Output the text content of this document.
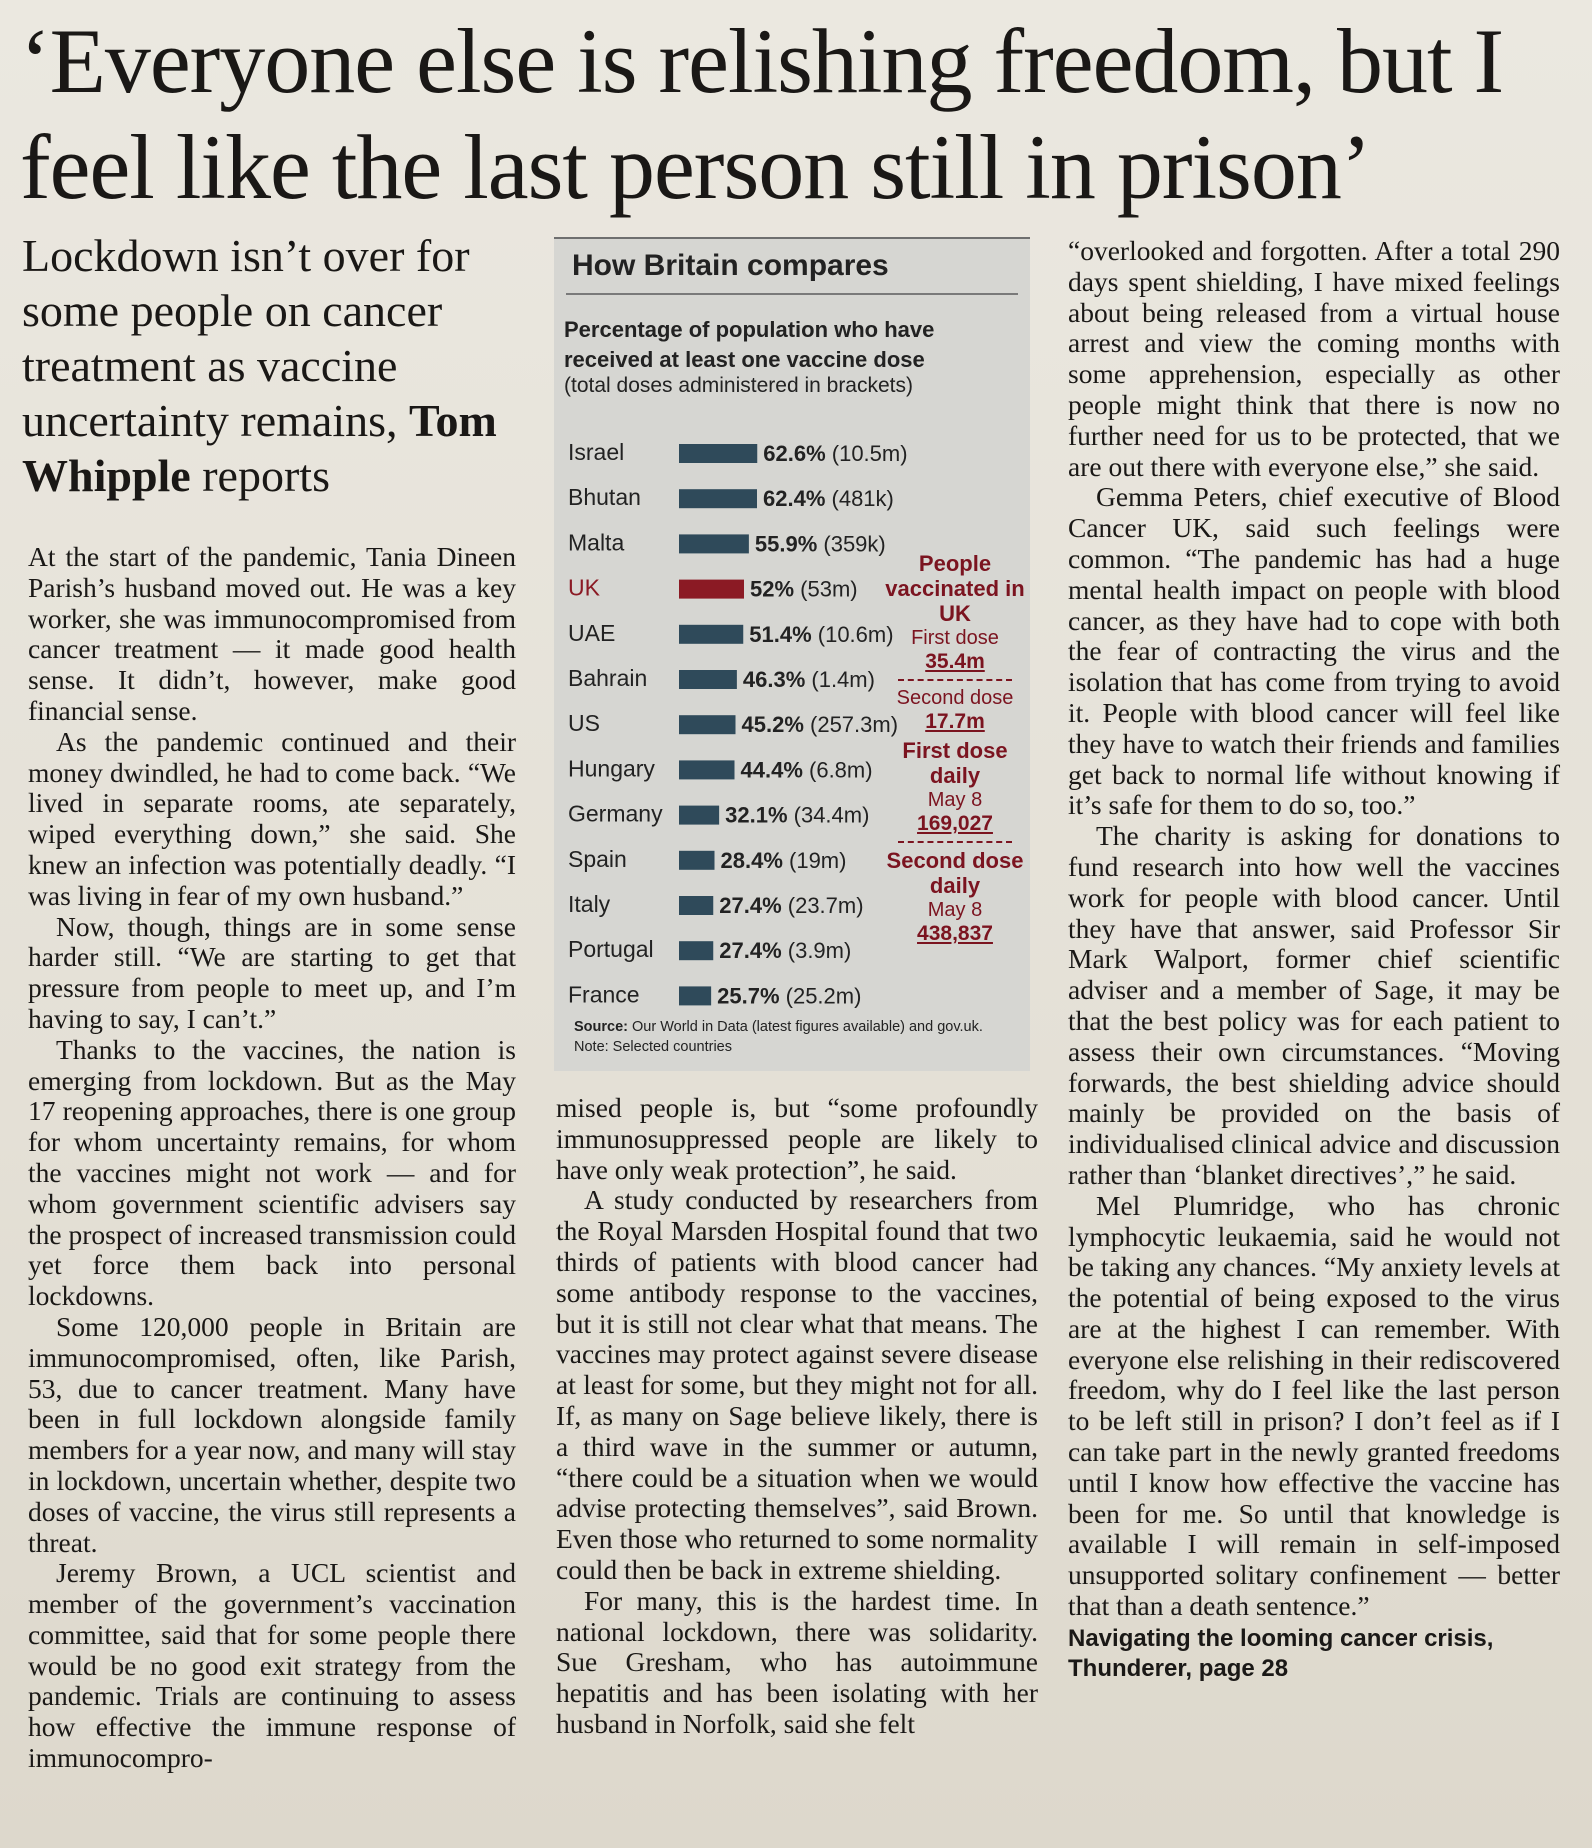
‘Everyone else is relishing freedom, but I feel like the last person still in prison’

Lockdown isn’t over for some people on cancer treatment as vaccine uncertainty remains, Tom Whipple reports

At the start of the pandemic, Tania Dineen Parish’s husband moved out. He was a key worker, she was immunocompromised from cancer treatment — it made good health sense. It didn’t, however, make good financial sense.

As the pandemic continued and their money dwindled, he had to come back. “We lived in separate rooms, ate separately, wiped everything down,” she said. She knew an infection was potentially deadly. “I was living in fear of my own husband.”

Now, though, things are in some sense harder still. “We are starting to get that pressure from people to meet up, and I’m having to say, I can’t.”

Thanks to the vaccines, the nation is emerging from lockdown. But as the May 17 reopening approaches, there is one group for whom uncertainty remains, for whom the vaccines might not work — and for whom government scientific advisers say the prospect of increased transmission could yet force them back into personal lockdowns.

Some 120,000 people in Britain are immunocompromised, often, like Parish, 53, due to cancer treatment. Many have been in full lockdown alongside family members for a year now, and many will stay in lockdown, uncertain whether, despite two doses of vaccine, the virus still represents a threat.

Jeremy Brown, a UCL scientist and member of the government’s vaccination committee, said that for some people there would be no good exit strategy from the pandemic. Trials are continuing to assess how effective the immune response of immunocompro-

How Britain compares
Percentage of population who have received at least one vaccine dose
(total doses administered in brackets)
Israel	62.6% (10.5m)
Bhutan	62.4% (481k)
Malta	55.9% (359k)
UK	52% (53m)
UAE	51.4% (10.6m)
Bahrain	46.3% (1.4m)
US	45.2% (257.3m)
Hungary	44.4% (6.8m)
Germany	32.1% (34.4m)
Spain	28.4% (19m)
Italy	27.4% (23.7m)
Portugal	27.4% (3.9m)
France	25.7% (25.2m)
Source: Our World in Data (latest figures available) and gov.uk. Note: Selected countries
People vaccinated in UK
First dose
35.4m
Second dose
17.7m
First dose daily
May 8
169,027
Second dose daily
May 8
438,837

mised people is, but “some profoundly immunosuppressed people are likely to have only weak protection”, he said.

A study conducted by researchers from the Royal Marsden Hospital found that two thirds of patients with blood cancer had some antibody response to the vaccines, but it is still not clear what that means. The vaccines may protect against severe disease at least for some, but they might not for all. If, as many on Sage believe likely, there is a third wave in the summer or autumn, “there could be a situation when we would advise protecting themselves”, said Brown. Even those who returned to some normality could then be back in extreme shielding.

For many, this is the hardest time. In national lockdown, there was solidarity. Sue Gresham, who has autoimmune hepatitis and has been isolating with her husband in Norfolk, said she felt

“overlooked and forgotten. After a total 290 days spent shielding, I have mixed feelings about being released from a virtual house arrest and view the coming months with some apprehension, especially as other people might think that there is now no further need for us to be protected, that we are out there with everyone else,” she said.

Gemma Peters, chief executive of Blood Cancer UK, said such feelings were common. “The pandemic has had a huge mental health impact on people with blood cancer, as they have had to cope with both the fear of contracting the virus and the isolation that has come from trying to avoid it. People with blood cancer will feel like they have to watch their friends and families get back to normal life without knowing if it’s safe for them to do so, too.”

The charity is asking for donations to fund research into how well the vaccines work for people with blood cancer. Until they have that answer, said Professor Sir Mark Walport, former chief scientific adviser and a member of Sage, it may be that the best policy was for each patient to assess their own circumstances. “Moving forwards, the best shielding advice should mainly be provided on the basis of individualised clinical advice and discussion rather than ‘blanket directives’,” he said.

Mel Plumridge, who has chronic lymphocytic leukaemia, said he would not be taking any chances. “My anxiety levels at the potential of being exposed to the virus are at the highest I can remember. With everyone else relishing in their rediscovered freedom, why do I feel like the last person to be left still in prison? I don’t feel as if I can take part in the newly granted freedoms until I know how effective the vaccine has been for me. So until that knowledge is available I will remain in self-imposed unsupported solitary confinement — better that than a death sentence.”

Navigating the looming cancer crisis,
Thunderer, page 28
